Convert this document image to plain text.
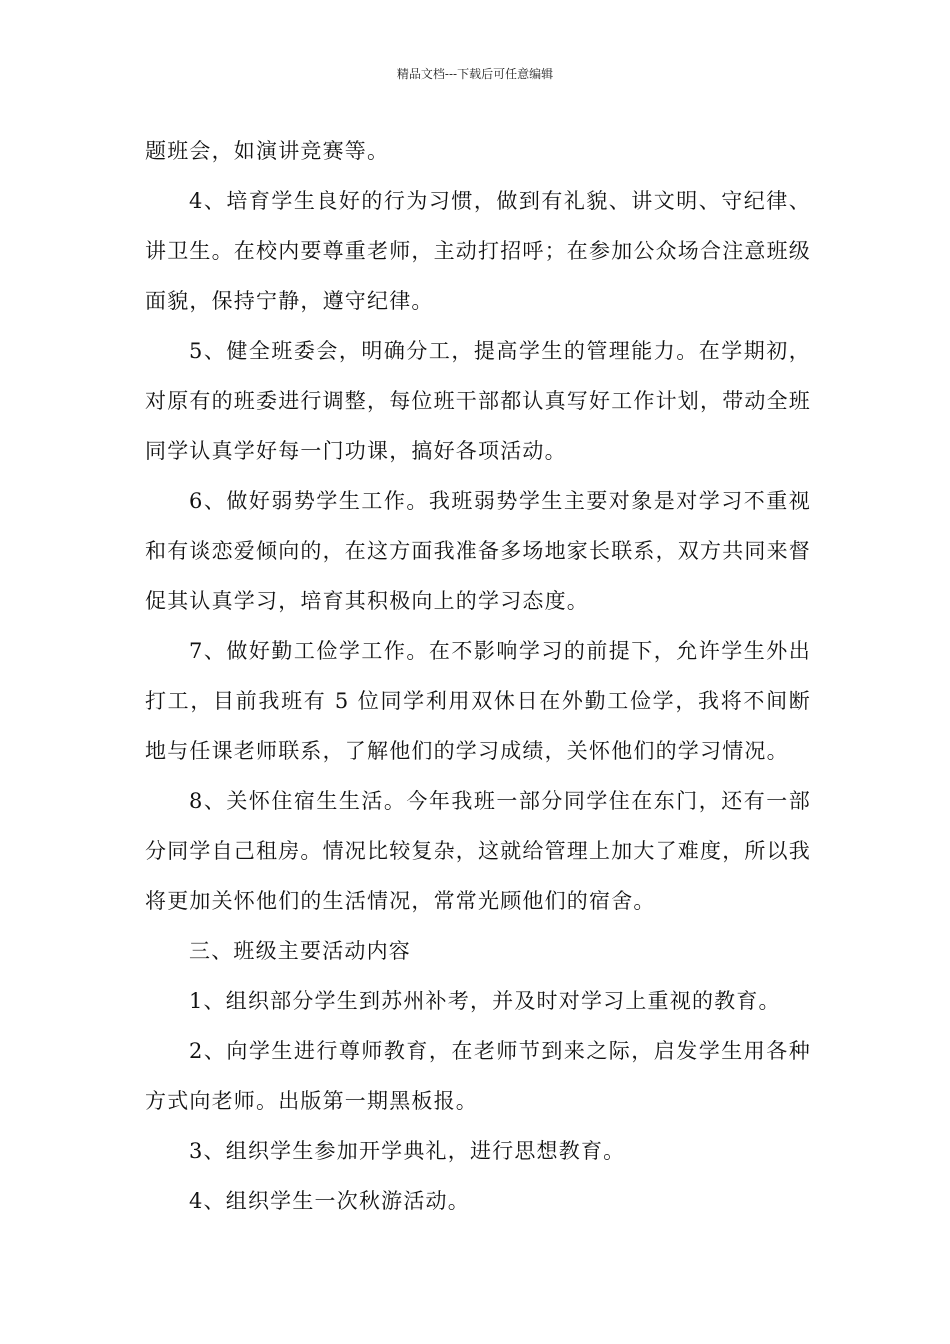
精品文档---下载后可任意编辑

题班会，如演讲竞赛等。

4、培育学生良好的行为习惯，做到有礼貌、讲文明、守纪律、讲卫生。在校内要尊重老师，主动打招呼；在参加公众场合注意班级面貌，保持宁静，遵守纪律。

5、健全班委会，明确分工，提高学生的管理能力。在学期初，对原有的班委进行调整，每位班干部都认真写好工作计划，带动全班同学认真学好每一门功课，搞好各项活动。

6、做好弱势学生工作。我班弱势学生主要对象是对学习不重视和有谈恋爱倾向的，在这方面我准备多场地家长联系，双方共同来督促其认真学习，培育其积极向上的学习态度。

7、做好勤工俭学工作。在不影响学习的前提下，允许学生外出打工，目前我班有 5 位同学利用双休日在外勤工俭学，我将不间断地与任课老师联系，了解他们的学习成绩，关怀他们的学习情况。

8、关怀住宿生生活。今年我班一部分同学住在东门，还有一部分同学自己租房。情况比较复杂，这就给管理上加大了难度，所以我将更加关怀他们的生活情况，常常光顾他们的宿舍。

三、班级主要活动内容

1、组织部分学生到苏州补考，并及时对学习上重视的教育。

2、向学生进行尊师教育，在老师节到来之际，启发学生用各种方式向老师。出版第一期黑板报。

3、组织学生参加开学典礼，进行思想教育。

4、组织学生一次秋游活动。
